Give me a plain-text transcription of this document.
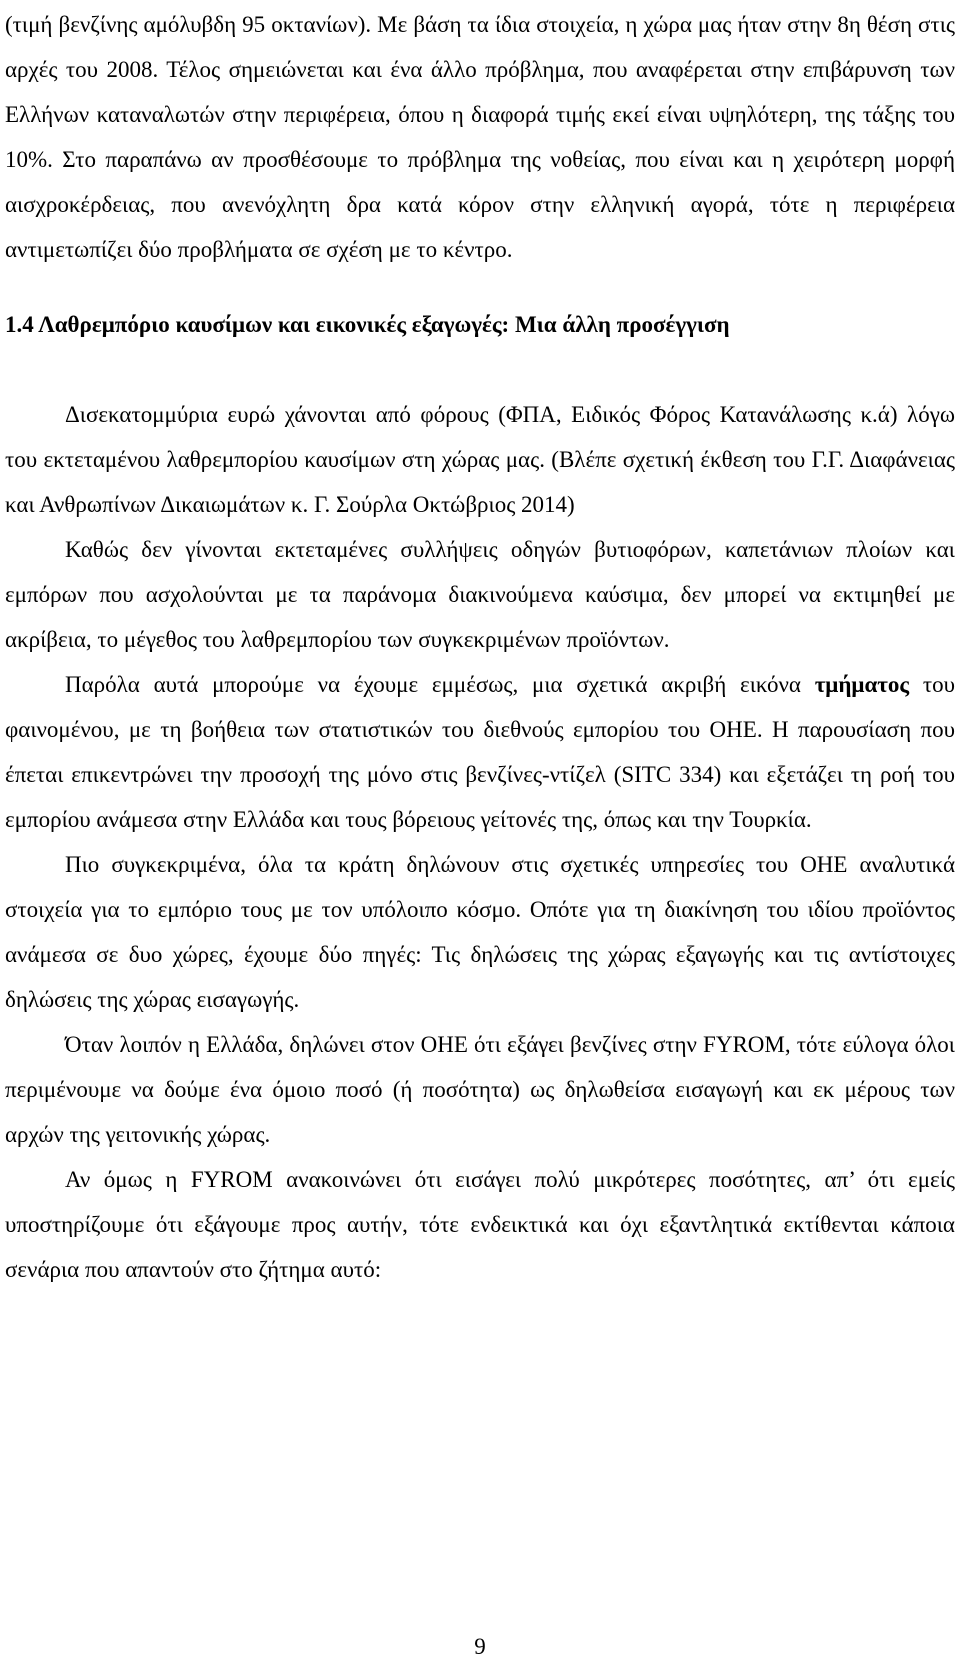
(τιμή βενζίνης αμόλυβδη 95 οκτανίων). Με βάση τα ίδια στοιχεία, η χώρα μας ήταν στην 8η θέση στις αρχές του 2008. Τέλος σημειώνεται και ένα άλλο πρόβλημα, που αναφέρεται στην επιβάρυνση των Ελλήνων καταναλωτών στην περιφέρεια, όπου η διαφορά τιμής εκεί είναι υψηλότερη, της τάξης του 10%. Στο παραπάνω αν προσθέσουμε το πρόβλημα της νοθείας, που είναι και η χειρότερη μορφή αισχροκέρδειας, που ανενόχλητη δρα κατά κόρον στην ελληνική αγορά, τότε η περιφέρεια αντιμετωπίζει δύο προβλήματα σε σχέση με το κέντρο.

1.4 Λαθρεμπόριο καυσίμων και εικονικές εξαγωγές: Μια άλλη προσέγγιση

Δισεκατομμύρια ευρώ χάνονται από φόρους (ΦΠΑ, Ειδικός Φόρος Κατανάλωσης κ.ά) λόγω του εκτεταμένου λαθρεμπορίου καυσίμων στη χώρας μας. (Βλέπε σχετική έκθεση του Γ.Γ. Διαφάνειας και Ανθρωπίνων Δικαιωμάτων κ. Γ. Σούρλα Οκτώβριος 2014)

Καθώς δεν γίνονται εκτεταμένες συλλήψεις οδηγών βυτιοφόρων, καπετάνιων πλοίων και εμπόρων που ασχολούνται με τα παράνομα διακινούμενα καύσιμα, δεν μπορεί να εκτιμηθεί με ακρίβεια, το μέγεθος του λαθρεμπορίου των συγκεκριμένων προϊόντων.

Παρόλα αυτά μπορούμε να έχουμε εμμέσως, μια σχετικά ακριβή εικόνα τμήματος του φαινομένου, με τη βοήθεια των στατιστικών του διεθνούς εμπορίου του ΟΗΕ. Η παρουσίαση που έπεται επικεντρώνει την προσοχή της μόνο στις βενζίνες-ντίζελ (SITC 334) και εξετάζει τη ροή του εμπορίου ανάμεσα στην Ελλάδα και τους βόρειους γείτονές της, όπως και την Τουρκία.

Πιο συγκεκριμένα, όλα τα κράτη δηλώνουν στις σχετικές υπηρεσίες του ΟΗΕ αναλυτικά στοιχεία για το εμπόριο τους με τον υπόλοιπο κόσμο. Οπότε για τη διακίνηση του ιδίου προϊόντος ανάμεσα σε δυο χώρες, έχουμε δύο πηγές: Τις δηλώσεις της χώρας εξαγωγής και τις αντίστοιχες δηλώσεις της χώρας εισαγωγής.

Όταν λοιπόν η Ελλάδα, δηλώνει στον ΟΗΕ ότι εξάγει βενζίνες στην FYROM, τότε εύλογα όλοι περιμένουμε να δούμε ένα όμοιο ποσό (ή ποσότητα) ως δηλωθείσα εισαγωγή και εκ μέρους των αρχών της γειτονικής χώρας.

Αν όμως η FYROM ανακοινώνει ότι εισάγει πολύ μικρότερες ποσότητες, απ’ ότι εμείς υποστηρίζουμε ότι εξάγουμε προς αυτήν, τότε ενδεικτικά και όχι εξαντλητικά εκτίθενται κάποια σενάρια που απαντούν στο ζήτημα αυτό:

9
